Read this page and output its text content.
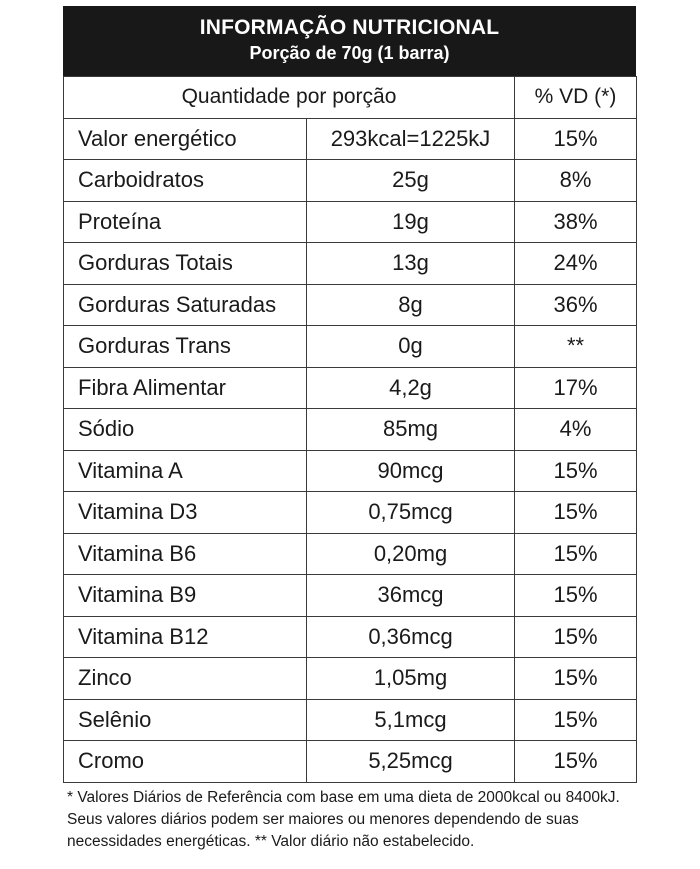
INFORMAÇÃO NUTRICIONAL
Porção de 70g (1 barra)
Quantidade por porção		% VD (*)
Valor energético	293kcal=1225kJ	15%
Carboidratos	25g	8%
Proteína	19g	38%
Gorduras Totais	13g	24%
Gorduras Saturadas	8g	36%
Gorduras Trans	0g	**
Fibra Alimentar	4,2g	17%
Sódio	85mg	4%
Vitamina A	90mcg	15%
Vitamina D3	0,75mcg	15%
Vitamina B6	0,20mg	15%
Vitamina B9	36mcg	15%
Vitamina B12	0,36mcg	15%
Zinco	1,05mg	15%
Selênio	5,1mcg	15%
Cromo	5,25mcg	15%
* Valores Diários de Referência com base em uma dieta de 2000kcal ou 8400kJ. Seus valores diários podem ser maiores ou menores dependendo de suas necessidades energéticas. ** Valor diário não estabelecido.
